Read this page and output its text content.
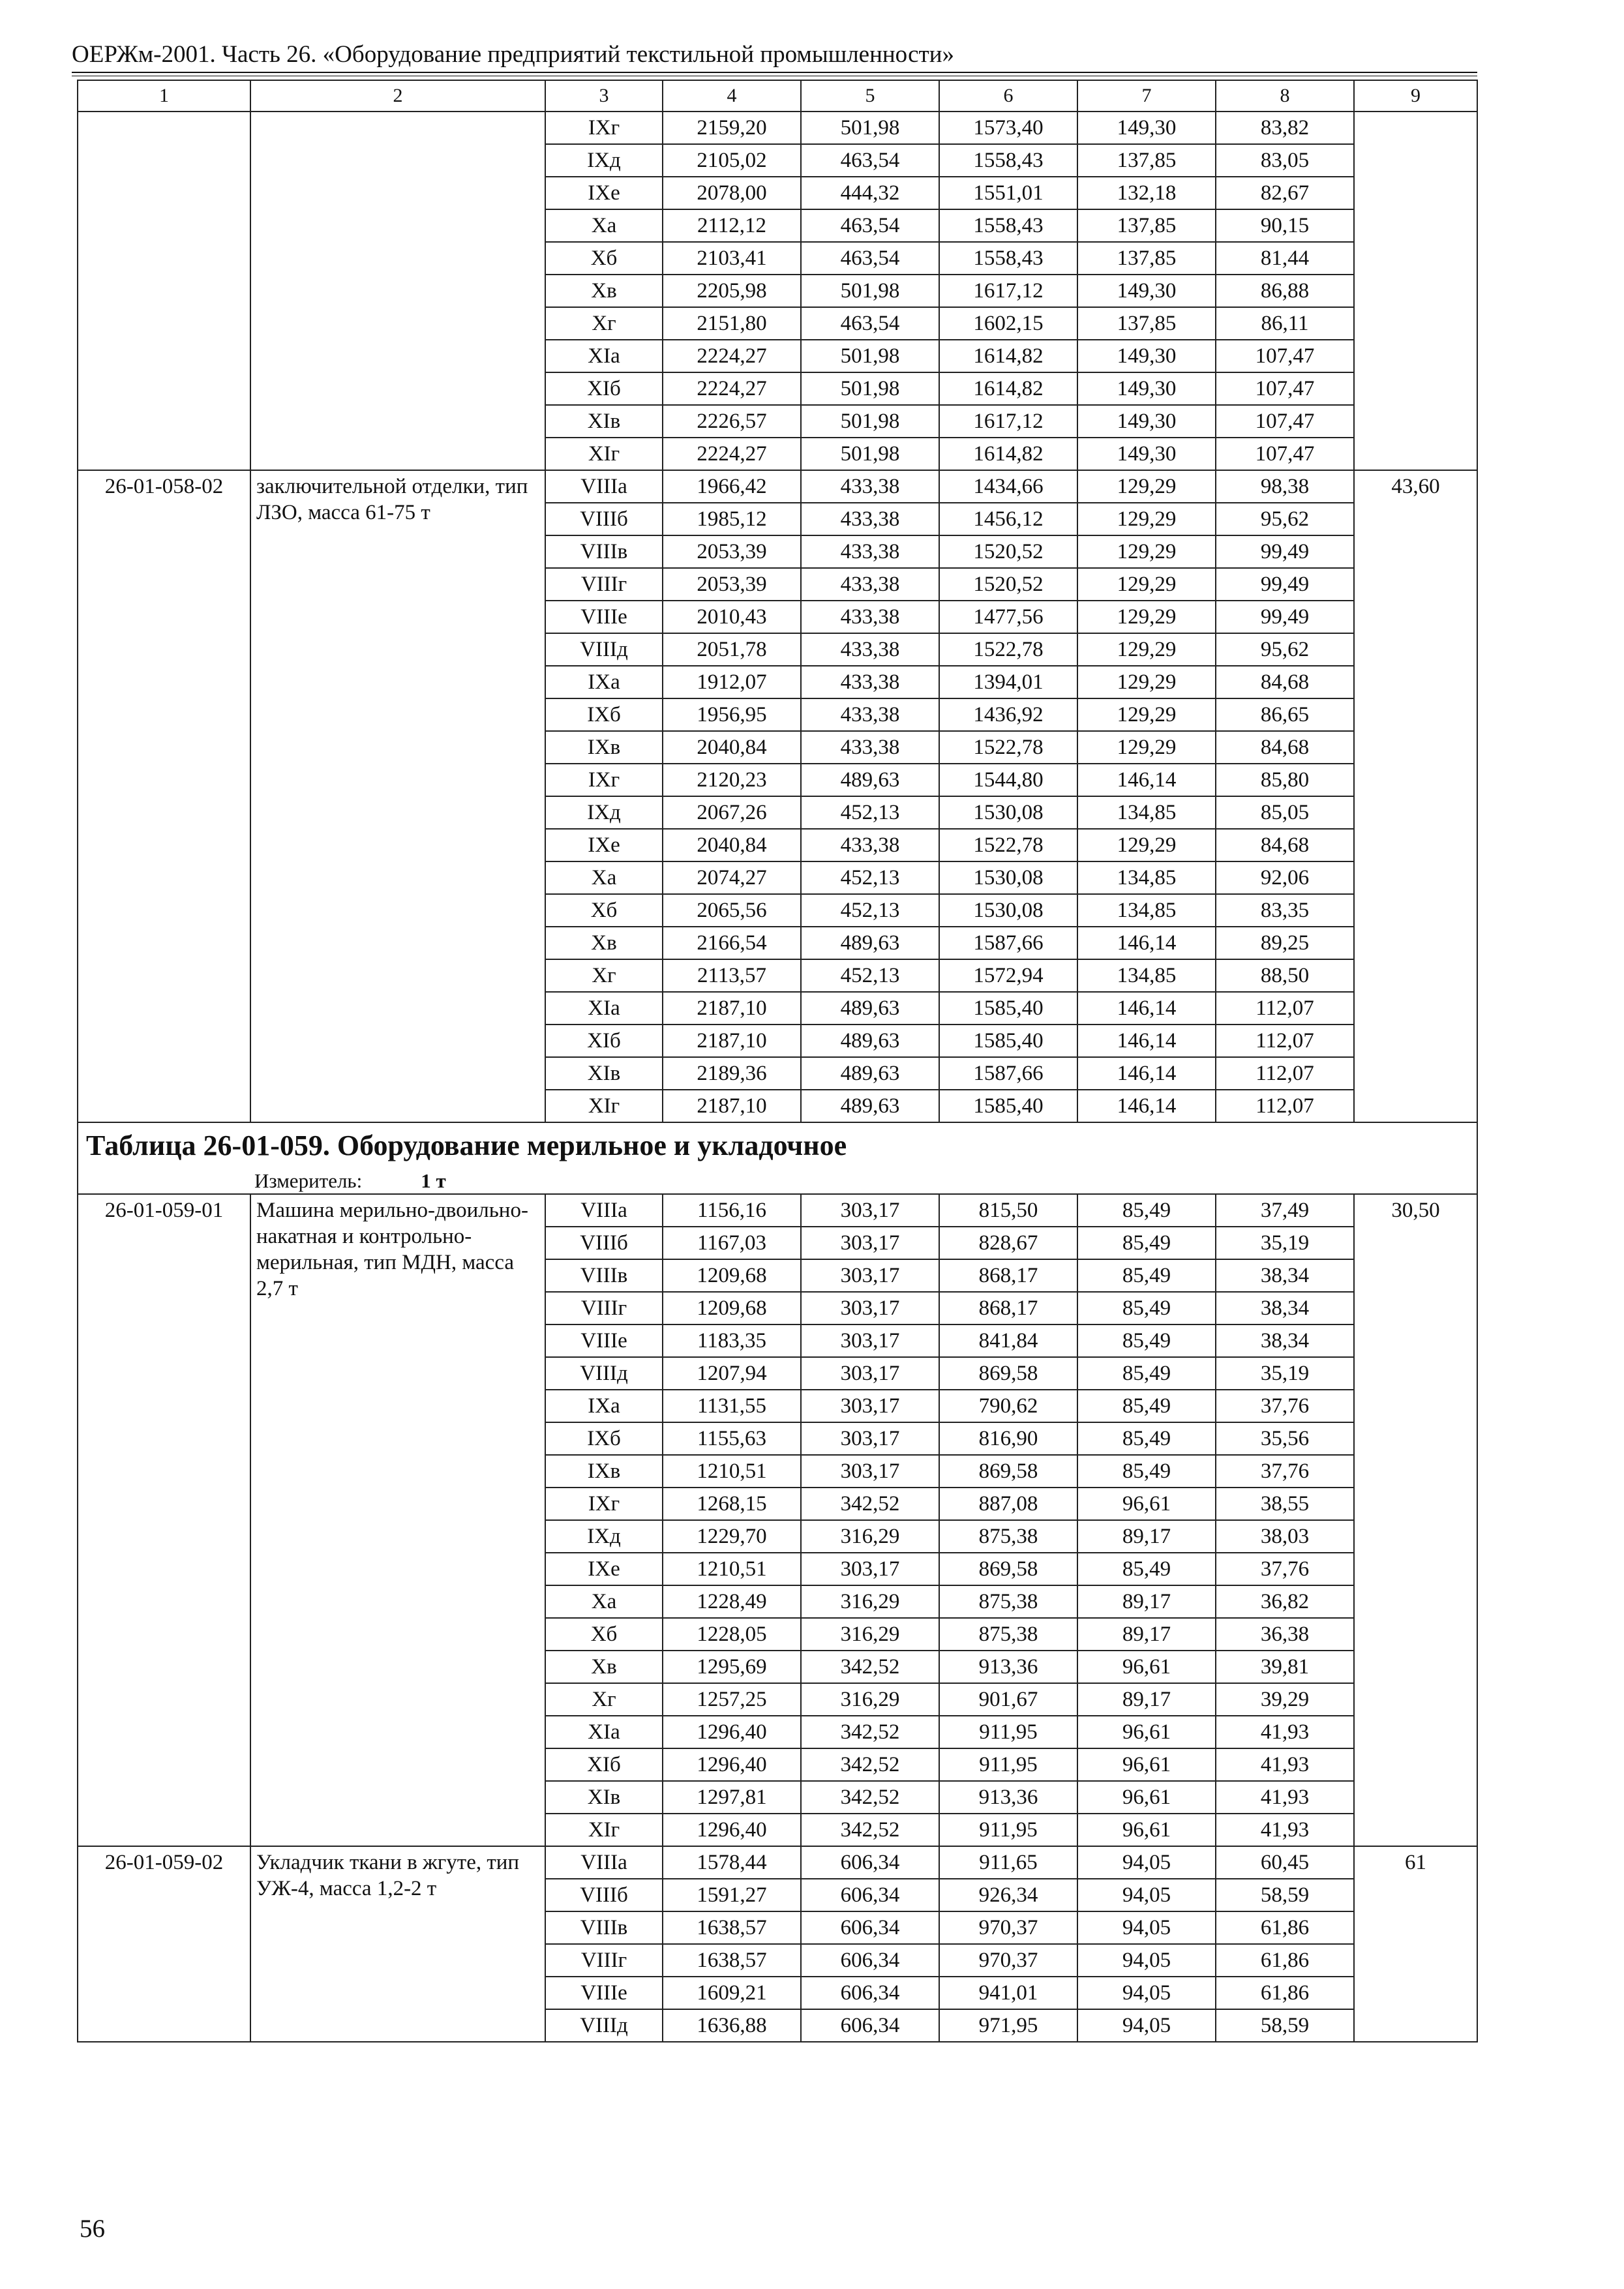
ОЕРЖм-2001. Часть 26. «Оборудование предприятий текстильной промышленности»
1	2	3	4	5	6	7	8	9
		IXг	2159,20	501,98	1573,40	149,30	83,82	
		IXд	2105,02	463,54	1558,43	137,85	83,05	
		IXе	2078,00	444,32	1551,01	132,18	82,67	
		Xа	2112,12	463,54	1558,43	137,85	90,15	
		Xб	2103,41	463,54	1558,43	137,85	81,44	
		Xв	2205,98	501,98	1617,12	149,30	86,88	
		Xг	2151,80	463,54	1602,15	137,85	86,11	
		XIа	2224,27	501,98	1614,82	149,30	107,47	
		XIб	2224,27	501,98	1614,82	149,30	107,47	
		XIв	2226,57	501,98	1617,12	149,30	107,47	
		XIг	2224,27	501,98	1614,82	149,30	107,47	
26-01-058-02	заключительной отделки, тип ЛЗО, масса 61-75 т	VIIIа	1966,42	433,38	1434,66	129,29	98,38	43,60
		VIIIб	1985,12	433,38	1456,12	129,29	95,62	
		VIIIв	2053,39	433,38	1520,52	129,29	99,49	
		VIIIг	2053,39	433,38	1520,52	129,29	99,49	
		VIIIе	2010,43	433,38	1477,56	129,29	99,49	
		VIIIд	2051,78	433,38	1522,78	129,29	95,62	
		IXа	1912,07	433,38	1394,01	129,29	84,68	
		IXб	1956,95	433,38	1436,92	129,29	86,65	
		IXв	2040,84	433,38	1522,78	129,29	84,68	
		IXг	2120,23	489,63	1544,80	146,14	85,80	
		IXд	2067,26	452,13	1530,08	134,85	85,05	
		IXе	2040,84	433,38	1522,78	129,29	84,68	
		Xа	2074,27	452,13	1530,08	134,85	92,06	
		Xб	2065,56	452,13	1530,08	134,85	83,35	
		Xв	2166,54	489,63	1587,66	146,14	89,25	
		Xг	2113,57	452,13	1572,94	134,85	88,50	
		XIа	2187,10	489,63	1585,40	146,14	112,07	
		XIб	2187,10	489,63	1585,40	146,14	112,07	
		XIв	2189,36	489,63	1587,66	146,14	112,07	
		XIг	2187,10	489,63	1585,40	146,14	112,07	
Таблица 26-01-059. Оборудование мерильное и укладочное								
Измеритель: 1 т								
26-01-059-01	Машина мерильно-двоильно-накатная и контрольно-мерильная, тип МДН, масса 2,7 т	VIIIа	1156,16	303,17	815,50	85,49	37,49	30,50
		VIIIб	1167,03	303,17	828,67	85,49	35,19	
		VIIIв	1209,68	303,17	868,17	85,49	38,34	
		VIIIг	1209,68	303,17	868,17	85,49	38,34	
		VIIIе	1183,35	303,17	841,84	85,49	38,34	
		VIIIд	1207,94	303,17	869,58	85,49	35,19	
		IXа	1131,55	303,17	790,62	85,49	37,76	
		IXб	1155,63	303,17	816,90	85,49	35,56	
		IXв	1210,51	303,17	869,58	85,49	37,76	
		IXг	1268,15	342,52	887,08	96,61	38,55	
		IXд	1229,70	316,29	875,38	89,17	38,03	
		IXе	1210,51	303,17	869,58	85,49	37,76	
		Xа	1228,49	316,29	875,38	89,17	36,82	
		Xб	1228,05	316,29	875,38	89,17	36,38	
		Xв	1295,69	342,52	913,36	96,61	39,81	
		Xг	1257,25	316,29	901,67	89,17	39,29	
		XIа	1296,40	342,52	911,95	96,61	41,93	
		XIб	1296,40	342,52	911,95	96,61	41,93	
		XIв	1297,81	342,52	913,36	96,61	41,93	
		XIг	1296,40	342,52	911,95	96,61	41,93	
26-01-059-02	Укладчик ткани в жгуте, тип УЖ-4, масса 1,2-2 т	VIIIа	1578,44	606,34	911,65	94,05	60,45	61
		VIIIб	1591,27	606,34	926,34	94,05	58,59	
		VIIIв	1638,57	606,34	970,37	94,05	61,86	
		VIIIг	1638,57	606,34	970,37	94,05	61,86	
		VIIIе	1609,21	606,34	941,01	94,05	61,86	
		VIIIд	1636,88	606,34	971,95	94,05	58,59	
56
